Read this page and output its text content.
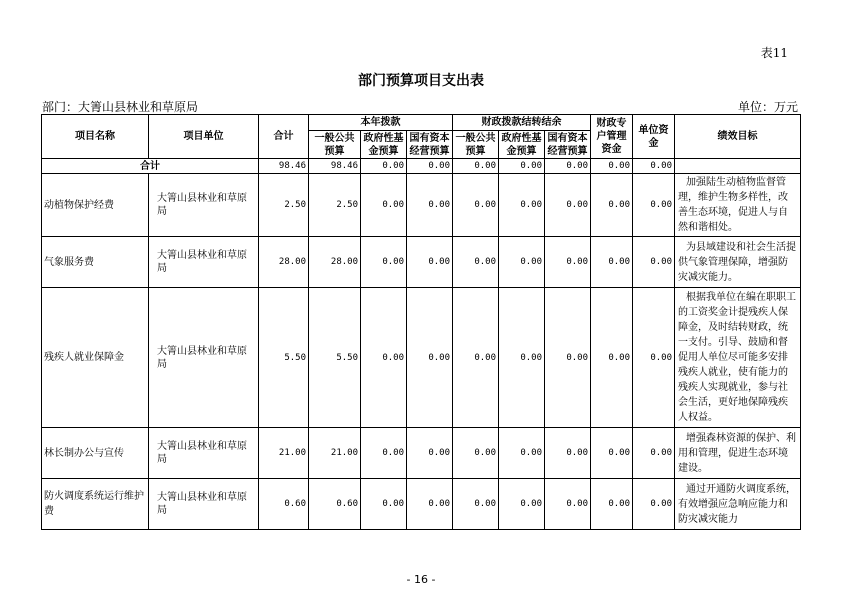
表11
部门预算项目支出表
部门：大箐山县林业和草原局	单位：万元
项目名称	项目单位	合计	本年拨款			财政拨款结转结余			财政专户管理资金	单位资金	绩效目标
			一般公共预算	政府性基金预算	国有资本经营预算	一般公共预算	政府性基金预算	国有资本经营预算			

合计		98.46	98.46	0.00	0.00	0.00	0.00	0.00	0.00	0.00	
动植物保护经费	大箐山县林业和草原局	2.50	2.50	0.00	0.00	0.00	0.00	0.00	0.00	0.00	加强陆生动植物监督管理，维护生物多样性，改善生态环境，促进人与自然和谐相处。
气象服务费	大箐山县林业和草原局	28.00	28.00	0.00	0.00	0.00	0.00	0.00	0.00	0.00	为县域建设和社会生活提供气象管理保障，增强防灾减灾能力。
残疾人就业保障金	大箐山县林业和草原局	5.50	5.50	0.00	0.00	0.00	0.00	0.00	0.00	0.00	根据我单位在编在职职工的工资奖金计提残疾人保障金，及时结转财政，统一支付。引导、鼓励和督促用人单位尽可能多安排残疾人就业，使有能力的残疾人实现就业，参与社会生活，更好地保障残疾人权益。
林长制办公与宣传	大箐山县林业和草原局	21.00	21.00	0.00	0.00	0.00	0.00	0.00	0.00	0.00	增强森林资源的保护、利用和管理，促进生态环境建设。
防火调度系统运行维护费	大箐山县林业和草原局	0.60	0.60	0.00	0.00	0.00	0.00	0.00	0.00	0.00	通过开通防火调度系统，有效增强应急响应能力和防灾减灾能力
- 16 -
